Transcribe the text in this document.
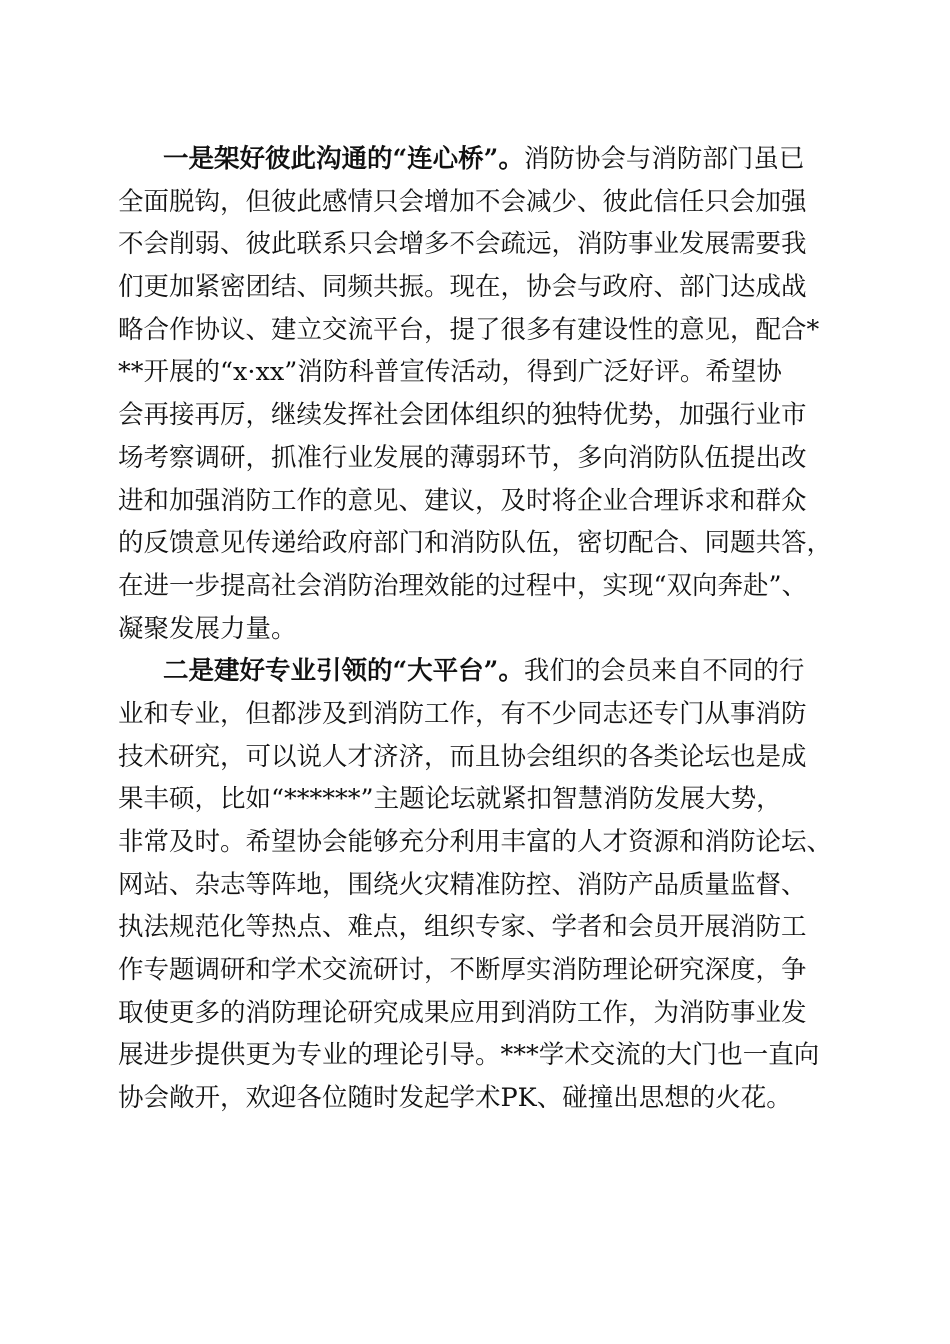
一是架好彼此沟通的“连心桥”。消防协会与消防部门虽已
全面脱钩，但彼此感情只会增加不会减少、彼此信任只会加强
不会削弱、彼此联系只会增多不会疏远，消防事业发展需要我
们更加紧密团结、同频共振。现在，协会与政府、部门达成战
略合作协议、建立交流平台，提了很多有建设性的意见，配合*
**开展的“x·xx”消防科普宣传活动，得到广泛好评。希望协
会再接再厉，继续发挥社会团体组织的独特优势，加强行业市
场考察调研，抓准行业发展的薄弱环节，多向消防队伍提出改
进和加强消防工作的意见、建议，及时将企业合理诉求和群众
的反馈意见传递给政府部门和消防队伍，密切配合、同题共答，
在进一步提高社会消防治理效能的过程中，实现“双向奔赴”、
凝聚发展力量。
二是建好专业引领的“大平台”。我们的会员来自不同的行
业和专业，但都涉及到消防工作，有不少同志还专门从事消防
技术研究，可以说人才济济，而且协会组织的各类论坛也是成
果丰硕，比如“******”主题论坛就紧扣智慧消防发展大势，
非常及时。希望协会能够充分利用丰富的人才资源和消防论坛、
网站、杂志等阵地，围绕火灾精准防控、消防产品质量监督、
执法规范化等热点、难点，组织专家、学者和会员开展消防工
作专题调研和学术交流研讨，不断厚实消防理论研究深度，争
取使更多的消防理论研究成果应用到消防工作，为消防事业发
展进步提供更为专业的理论引导。***学术交流的大门也一直向
协会敞开，欢迎各位随时发起学术PK、碰撞出思想的火花。
